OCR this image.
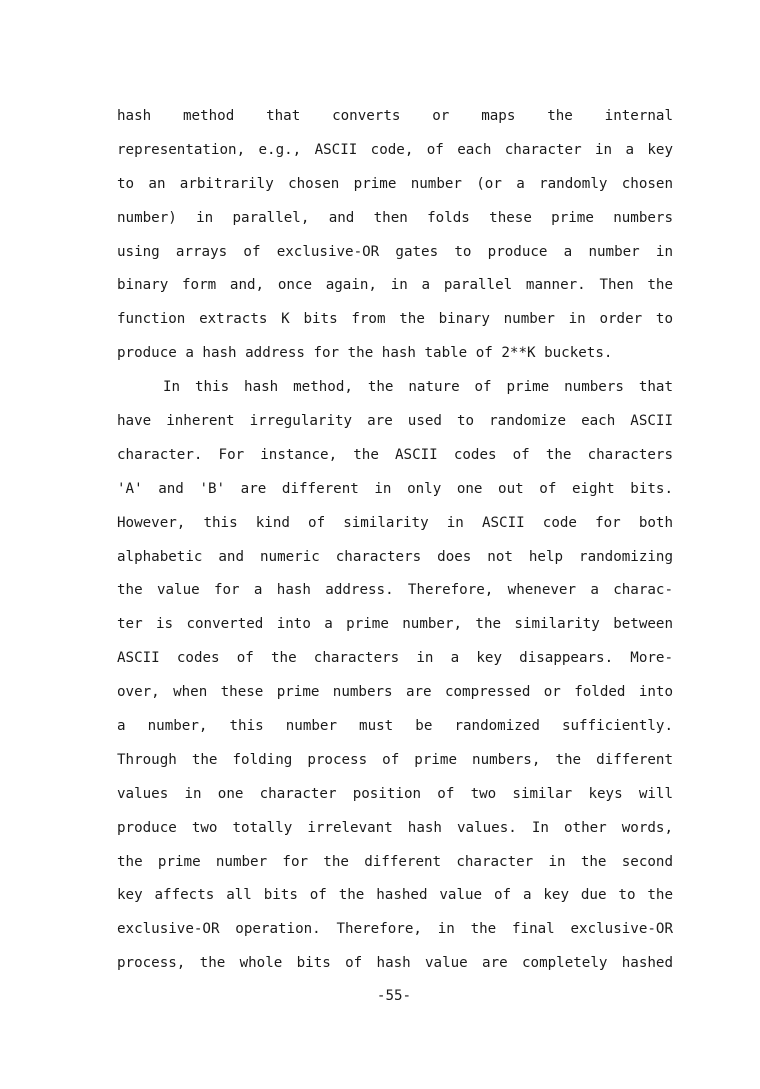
hash method that converts or maps the internal
representation, e.g., ASCII code, of each character in a key
to an arbitrarily chosen prime number (or a randomly chosen
number) in parallel, and then folds these prime numbers
using arrays of exclusive-OR gates to produce a number in
binary form and, once again, in a parallel manner. Then the
function extracts K bits from the binary number in order to
produce a hash address for the hash table of 2**K buckets.
In this hash method, the nature of prime numbers that
have inherent irregularity are used to randomize each ASCII
character. For instance, the ASCII codes of the characters
'A' and 'B' are different in only one out of eight bits.
However, this kind of similarity in ASCII code for both
alphabetic and numeric characters does not help randomizing
the value for a hash address. Therefore, whenever a charac-
ter is converted into a prime number, the similarity between
ASCII codes of the characters in a key disappears. More-
over, when these prime numbers are compressed or folded into
a number, this number must be randomized sufficiently.
Through the folding process of prime numbers, the different
values in one character position of two similar keys will
produce two totally irrelevant hash values. In other words,
the prime number for the different character in the second
key affects all bits of the hashed value of a key due to the
exclusive-OR operation. Therefore, in the final exclusive-OR
process, the whole bits of hash value are completely hashed
-55-
